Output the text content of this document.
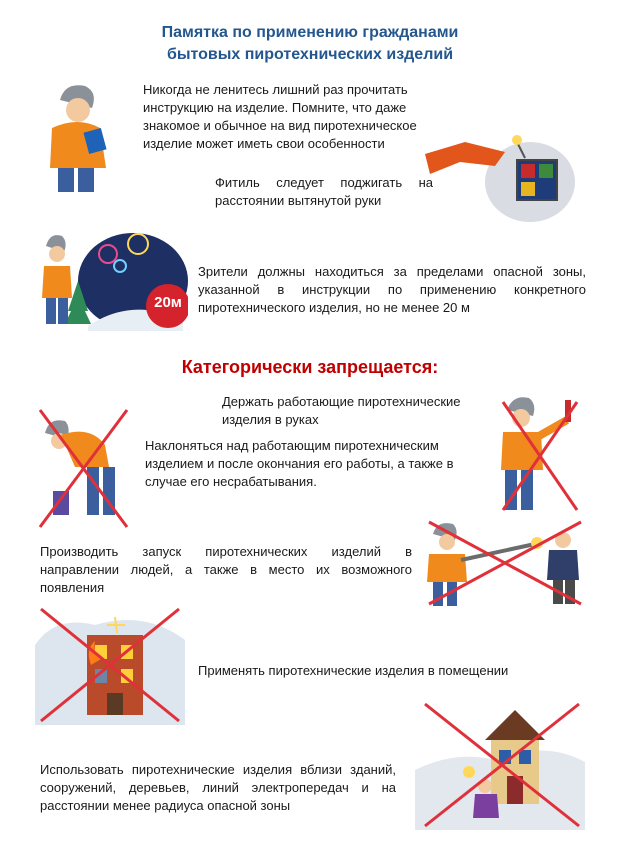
Памятка по применению гражданами
бытовых пиротехнических изделий
Никогда не ленитесь лишний раз прочитать инструкцию на изделие. Помните, что даже знакомое и обычное на вид пиротехническое изделие может иметь свои особенности
Фитиль следует поджигать на расстоянии вытянутой руки
20м
Зрители должны находиться за пределами опасной зоны, указанной в инструкции по применению конкретного пиротехнического изделия, но не менее 20 м
Категорически запрещается:
Держать работающие пиротехнические изделия в руках
Наклоняться над работающим пиротехническим изделием и после окончания его работы, а также в случае его несрабатывания.
Производить запуск пиротехнических изделий в направлении людей, а также в место их возможного появления
Применять пиротехнические изделия в помещении
Использовать пиротехнические изделия вблизи зданий, сооружений, деревьев, линий электропередач и на расстоянии менее радиуса опасной зоны
